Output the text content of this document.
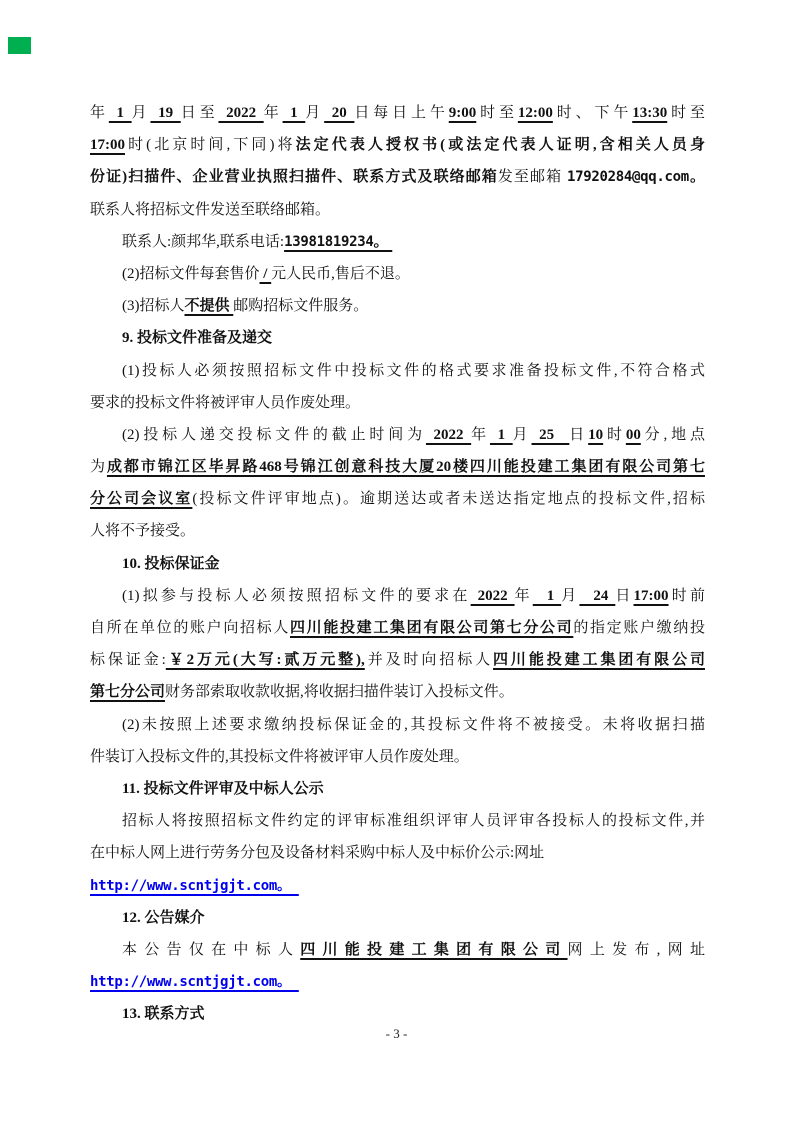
年 1 月 19 日至 2022 年 1 月 20 日每日上午9:00时至12:00时、下午13:30时至
17:00时(北京时间,下同)将法定代表人授权书(或法定代表人证明,含相关人员身
份证)扫描件、企业营业执照扫描件、联系方式及联络邮箱发至邮箱 17920284@qq.com。
联系人将招标文件发送至联络邮箱。
联系人:颜邦华,联系电话:13981819234。
(2)招标文件每套售价 / 元人民币,售后不退。
(3)招标人不提供 邮购招标文件服务。
9. 投标文件准备及递交
(1)投标人必须按照招标文件中投标文件的格式要求准备投标文件,不符合格式
要求的投标文件将被评审人员作废处理。
(2)投标人递交投标文件的截止时间为 2022 年 1 月 25  日10时00分,地点
为成都市锦江区毕昇路468号锦江创意科技大厦20楼四川能投建工集团有限公司第七
分公司会议室(投标文件评审地点)。逾期送达或者未送达指定地点的投标文件,招标
人将不予接受。
10. 投标保证金
(1)拟参与投标人必须按照招标文件的要求在 2022 年  1 月  24 日17:00时前
自所在单位的账户向招标人四川能投建工集团有限公司第七分公司的指定账户缴纳投
标保证金:￥2万元(大写:贰万元整),并及时向招标人四川能投建工集团有限公司
第七分公司财务部索取收款收据,将收据扫描件装订入投标文件。
(2)未按照上述要求缴纳投标保证金的,其投标文件将不被接受。未将收据扫描
件装订入投标文件的,其投标文件将被评审人员作废处理。
11. 投标文件评审及中标人公示
招标人将按照招标文件约定的评审标准组织评审人员评审各投标人的投标文件,并
在中标人网上进行劳务分包及设备材料采购中标人及中标价公示:网址
http://www.scntjgjt.com。
12. 公告媒介
本公告仅在中标人四川能投建工集团有限公司网上发布,网址
http://www.scntjgjt.com。
13. 联系方式
- 3 -
